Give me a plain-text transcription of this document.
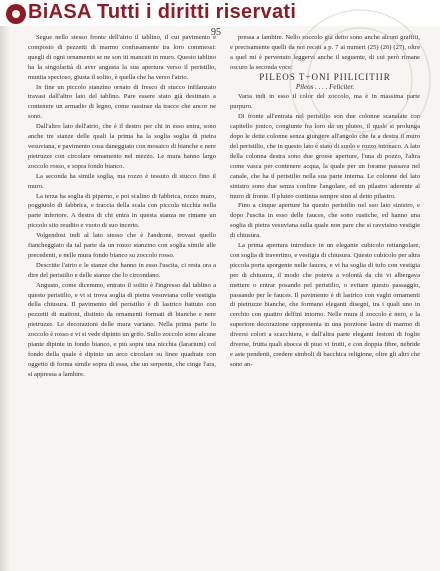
BiASA Tutti i diritti riservati
95

Segue nello stesso fronte dell'atrio il tablino, il cui pavimento è composto di pezzetti di marmo confusamente tra loro commessi: quegli di ogni ornamento se ne son iti mancati in muro. Questo tablino ha la singolarità di aver angusta la sua apertura verso il peristilio, munita specioso, giusta il solito, è quella che ha verso l'atrio.

In fine un piccolo stanzino ornato di fresco di stucco infilanzato travasi dall'altro lato del tablino. Pare essere stato già destinato a contenere un armadio di legno, come rassinse da tracce che ancor ne sono.

Dall'altro lato dell'atrio, che è il destro per chi in esso entra, sono anche tre stanze delle quali la prima ha la soglia soglia di pietra vesuviana, e pavimento cosa daneggiato con mosaico di bianche e nere pietruzze con circolare ornamento nel mezzo. Le mura hanno largo zoccolo rosso, e sopra fondo bianco.

La seconda ha simile soglia, ma rozzo è tessuto di stucco fino il muro.

La terza ha soglia di piperno, e poi scalino di fabbrica, rozzo muro, poggiuolo di fabbrica, e traccia della scala con piccola nicchia nella parte inferiore. A destra di chi entra in questa stanza ne rimane un piccolo sito reudito e vuoto di suo incerto.

Volgendosi indi al lato stesso che è l'androne, trovasi quello fiancheggiato da tal parte da un rozzo stanzino con soglia simile alle precedenti, e nelle mura fondo bianco su zoccolo rosso.

Descritte l'atrio e le stanze che hanno in esso l'uscita, ci resta ora a dire del peristilio e delle stanze che lo circondano.

Angusto, come dicemmo, entrato il solito è l'ingresso dal tablino a questo peristilio, e vi si trova soglia di pietra vesuviana colle vestigia della chiusura. Il pavimento del peristilio è di lastrico battuto con pezzetti di mattoni, distinto da ornamenti formati di bianche e nere pietruzze. Le decorazioni delle mura variano. Nella prima parte lo zoccolo è rosso e vi si vede dipinto un grifo. Sullo zoccolo sono alcune piante dipinte in fondo bianco, e più sopra una nicchia (lararium) col fondo della quale è dipinto un arco circolare su linee quadrate con oggetto di forma simile sopra di essa, che un serpente, che cinge l'ara, si appressa a lambire.

pressa a lambire. Nello zoccolo già detto sono anche alcuni graffiti, e precisamente quelli da noi recati a p. 7 ai numeri (25) (26) (27), oltre a quel mi è pervenuto leggervi anche il seguente, di cui però rimane oscuro la seconda voce:

PILEOS T+ONI PIILICITIIR

Pileos . . . . Feliciter.

Varia indi in esso il color del zoccolo, ma è in massima parte purpuro.

Di fronte all'entrata nel peristilio son due colonne scanalate con capitello jonico, congiunte fra loro da un pluteo, il quale si prolunga dopo le dette colonne senza giungere all'angolo che fa a destra il muro del peristilio, che in questo lato è stato di suolo e rozzo intonaco. A lato della colonna destra sono due grosse aperture, l'una di pozzo, l'altra come vasca per contenere acqua, la quale per un forame passava nel canale, che ha il peristilio nella sua parte interna. Le colonne del lato sinistro sono due senza confine l'angolare, ed un pilastro aderente al muro di fronte. Il pluteo continua sempre sino al detto pilastro.

Fino a cinque aperture ha questo peristilio nel suo lato sinistro, e dopo l'uscita in esso delle fauces, che sono rustiche, ed hanno una soglia di pietra vesuviana sulla quale non pare che si ravvisino vestigie di chiusura.

La prima apertura introduce in un elegante cubicolo rettangolare, con soglia di travertino, e vestigia di chiusura. Questo cubicolo per altra piccola porta sporgente nelle fauces, e vi ha soglia di tufo con vestigia per di chiusura, il modo che poteva a volontà da chi vi albergava mettere o entrar posando pel peristilio, o evitare questo passaggio, passando per le fauces. Il pavimento è di lastrico con vaghi ornamenti di pietruzze bianche, che formano eleganti disegni, tra i quali uno in cerchio con quattro delfini intorno. Nelle mura il zoccolo è nero, e la superiore decorazione rappresenta in una porzione lastre di marmo di diversi colori a scacchiera, e dall'altra parte eleganti festoni di foglie diverse, frutta quali sbocca di piuo vi frutti, e con doppia fibre, nebride e aste pendenti, credere simboli di bacchica religione, oltre gli altri che sono an-
